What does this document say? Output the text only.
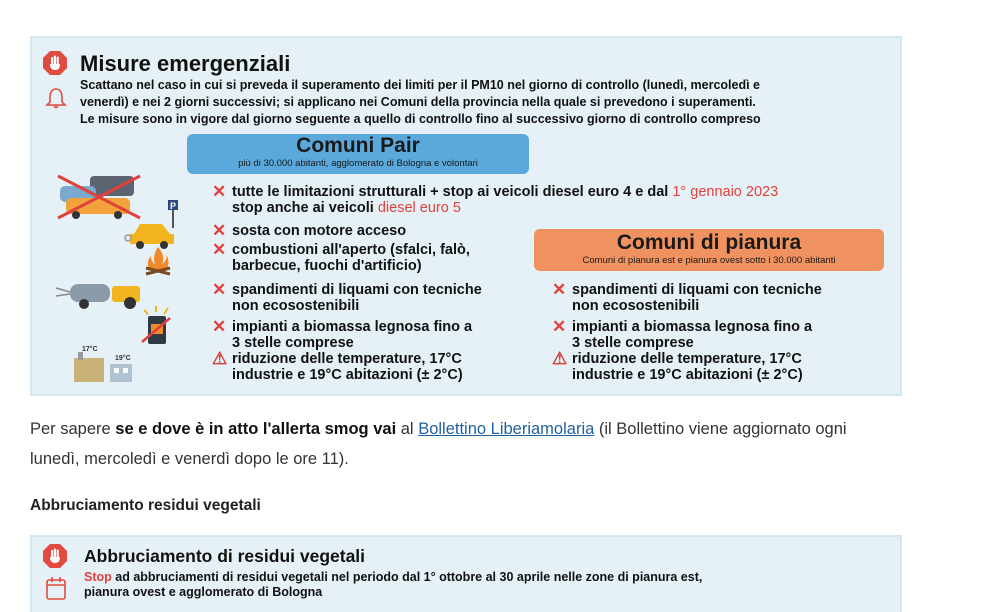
Misure emergenziali
Scattano nel caso in cui si preveda il superamento dei limiti per il PM10 nel giorno di controllo (lunedì, mercoledì e
venerdì) e nei 2 giorni successivi; si applicano nei Comuni della provincia nella quale si prevedono i superamenti.
Le misure sono in vigore dal giorno seguente a quello di controllo fino al successivo giorno di controllo compreso
Comuni Pair
più di 30.000 abitanti, agglomerato di Bologna e volontari
P
17°C
19°C
✕ tutte le limitazioni strutturali + stop ai veicoli diesel euro 4 e dal 1° gennaio 2023
stop anche ai veicoli diesel euro 5
✕ sosta con motore acceso
✕ combustioni all'aperto (sfalci, falò,
barbecue, fuochi d'artificio)
✕ spandimenti di liquami con tecniche
non ecosostenibili
✕ impianti a biomassa legnosa fino a
3 stelle comprese
⚠ riduzione delle temperature, 17°C
industrie e 19°C abitazioni (± 2°C)
Comuni di pianura
Comuni di pianura est e pianura ovest sotto i 30.000 abitanti
✕ spandimenti di liquami con tecniche
non ecosostenibili
✕ impianti a biomassa legnosa fino a
3 stelle comprese
⚠ riduzione delle temperature, 17°C
industrie e 19°C abitazioni (± 2°C)
Per sapere se e dove è in atto l'allerta smog vai al Bollettino Liberiamolaria (il Bollettino viene aggiornato ogni
lunedì, mercoledì e venerdì dopo le ore 11).
Abbruciamento residui vegetali
Abbruciamento di residui vegetali
Stop ad abbruciamenti di residui vegetali nel periodo dal 1° ottobre al 30 aprile nelle zone di pianura est,
pianura ovest e agglomerato di Bologna
